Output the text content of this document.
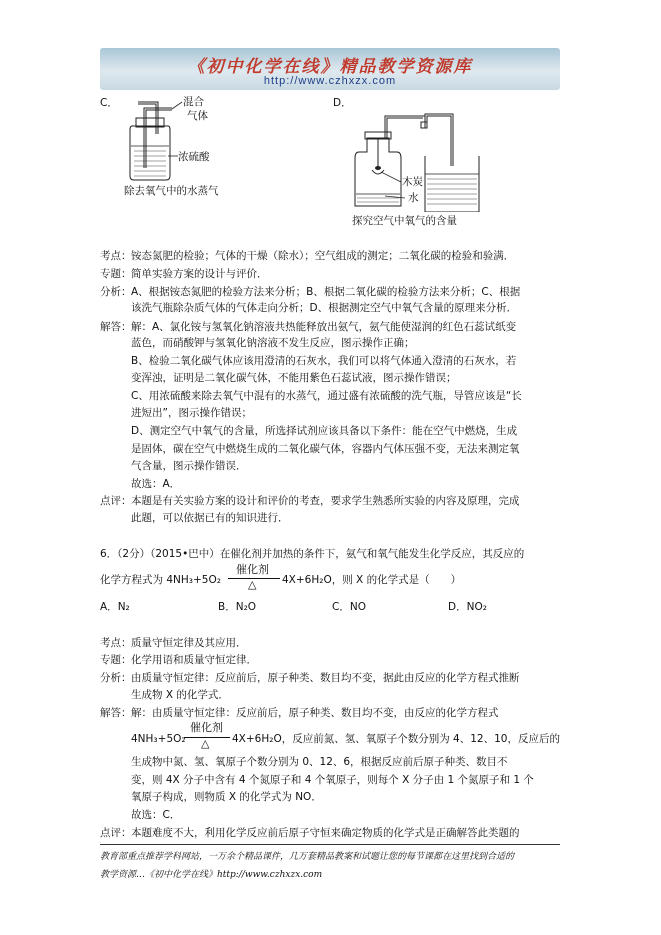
《初中化学在线》精品教学资源库
http://www.czhxzx.com
C．	混合
气体
浓硫酸
除去氧气中的水蒸气
D．
木炭
水
探究空气中氧气的含量
考点： 铵态氮肥的检验；气体的干燥（除水）；空气组成的测定；二氧化碳的检验和验满．
专题： 简单实验方案的设计与评价．
分析： A、根据铵态氮肥的检验方法来分析；B、根据二氧化碳的检验方法来分析；C、根据
该洗气瓶除杂质气体的气体走向分析；D、根据测定空气中氧气含量的原理来分析．
解答： 解：A、氯化铵与氢氧化钠溶液共热能释放出氨气，氨气能使湿润的红色石蕊试纸变
蓝色，而硝酸钾与氢氧化钠溶液不发生反应，图示操作正确；
B、检验二氧化碳气体应该用澄清的石灰水，我们可以将气体通入澄清的石灰水，若
变浑浊，证明是二氧化碳气体，不能用紫色石蕊试液，图示操作错误；
C、用浓硫酸来除去氧气中混有的水蒸气，通过盛有浓硫酸的洗气瓶，导管应该是“长
进短出”，图示操作错误；
D、测定空气中氧气的含量，所选择试剂应该具备以下条件：能在空气中燃烧，生成
是固体，碳在空气中燃烧生成的二氧化碳气体，容器内气体压强不变，无法来测定氧
气含量，图示操作错误．
故选：A．
点评： 本题是有关实验方案的设计和评价的考查，要求学生熟悉所实验的内容及原理，完成
此题，可以依据已有的知识进行．
6．（2分）（2015•巴中）在催化剂并加热的条件下，氨气和氧气能发生化学反应，其反应的
化学方程式为 4NH₃+5O₂
催化剂
△ 4X+6H₂O，则 X 的化学式是（　　）
A．N₂	B．N₂O	C．NO	D．NO₂
考点： 质量守恒定律及其应用．
专题： 化学用语和质量守恒定律．
分析： 由质量守恒定律：反应前后，原子种类、数目均不变，据此由反应的化学方程式推断
生成物 X 的化学式．
解答： 解：由质量守恒定律：反应前后，原子种类、数目均不变，由反应的化学方程式
4NH₃+5O₂
催化剂
△ 4X+6H₂O，反应前氮、氢、氧原子个数分别为 4、12、10，反应后的
生成物中氮、氢、氧原子个数分别为 0、12、6，根据反应前后原子种类、数目不
变，则 4X 分子中含有 4 个氮原子和 4 个氧原子，则每个 X 分子由 1 个氮原子和 1 个
氧原子构成，则物质 X 的化学式为 NO．
故选：C．
点评： 本题难度不大，利用化学反应前后原子守恒来确定物质的化学式是正确解答此类题的
教育部重点推荐学科网站，一万余个精品课件，几万套精品教案和试题让您的每节课都在这里找到合适的
教学资源…《初中化学在线》http://www.czhxzx.com
